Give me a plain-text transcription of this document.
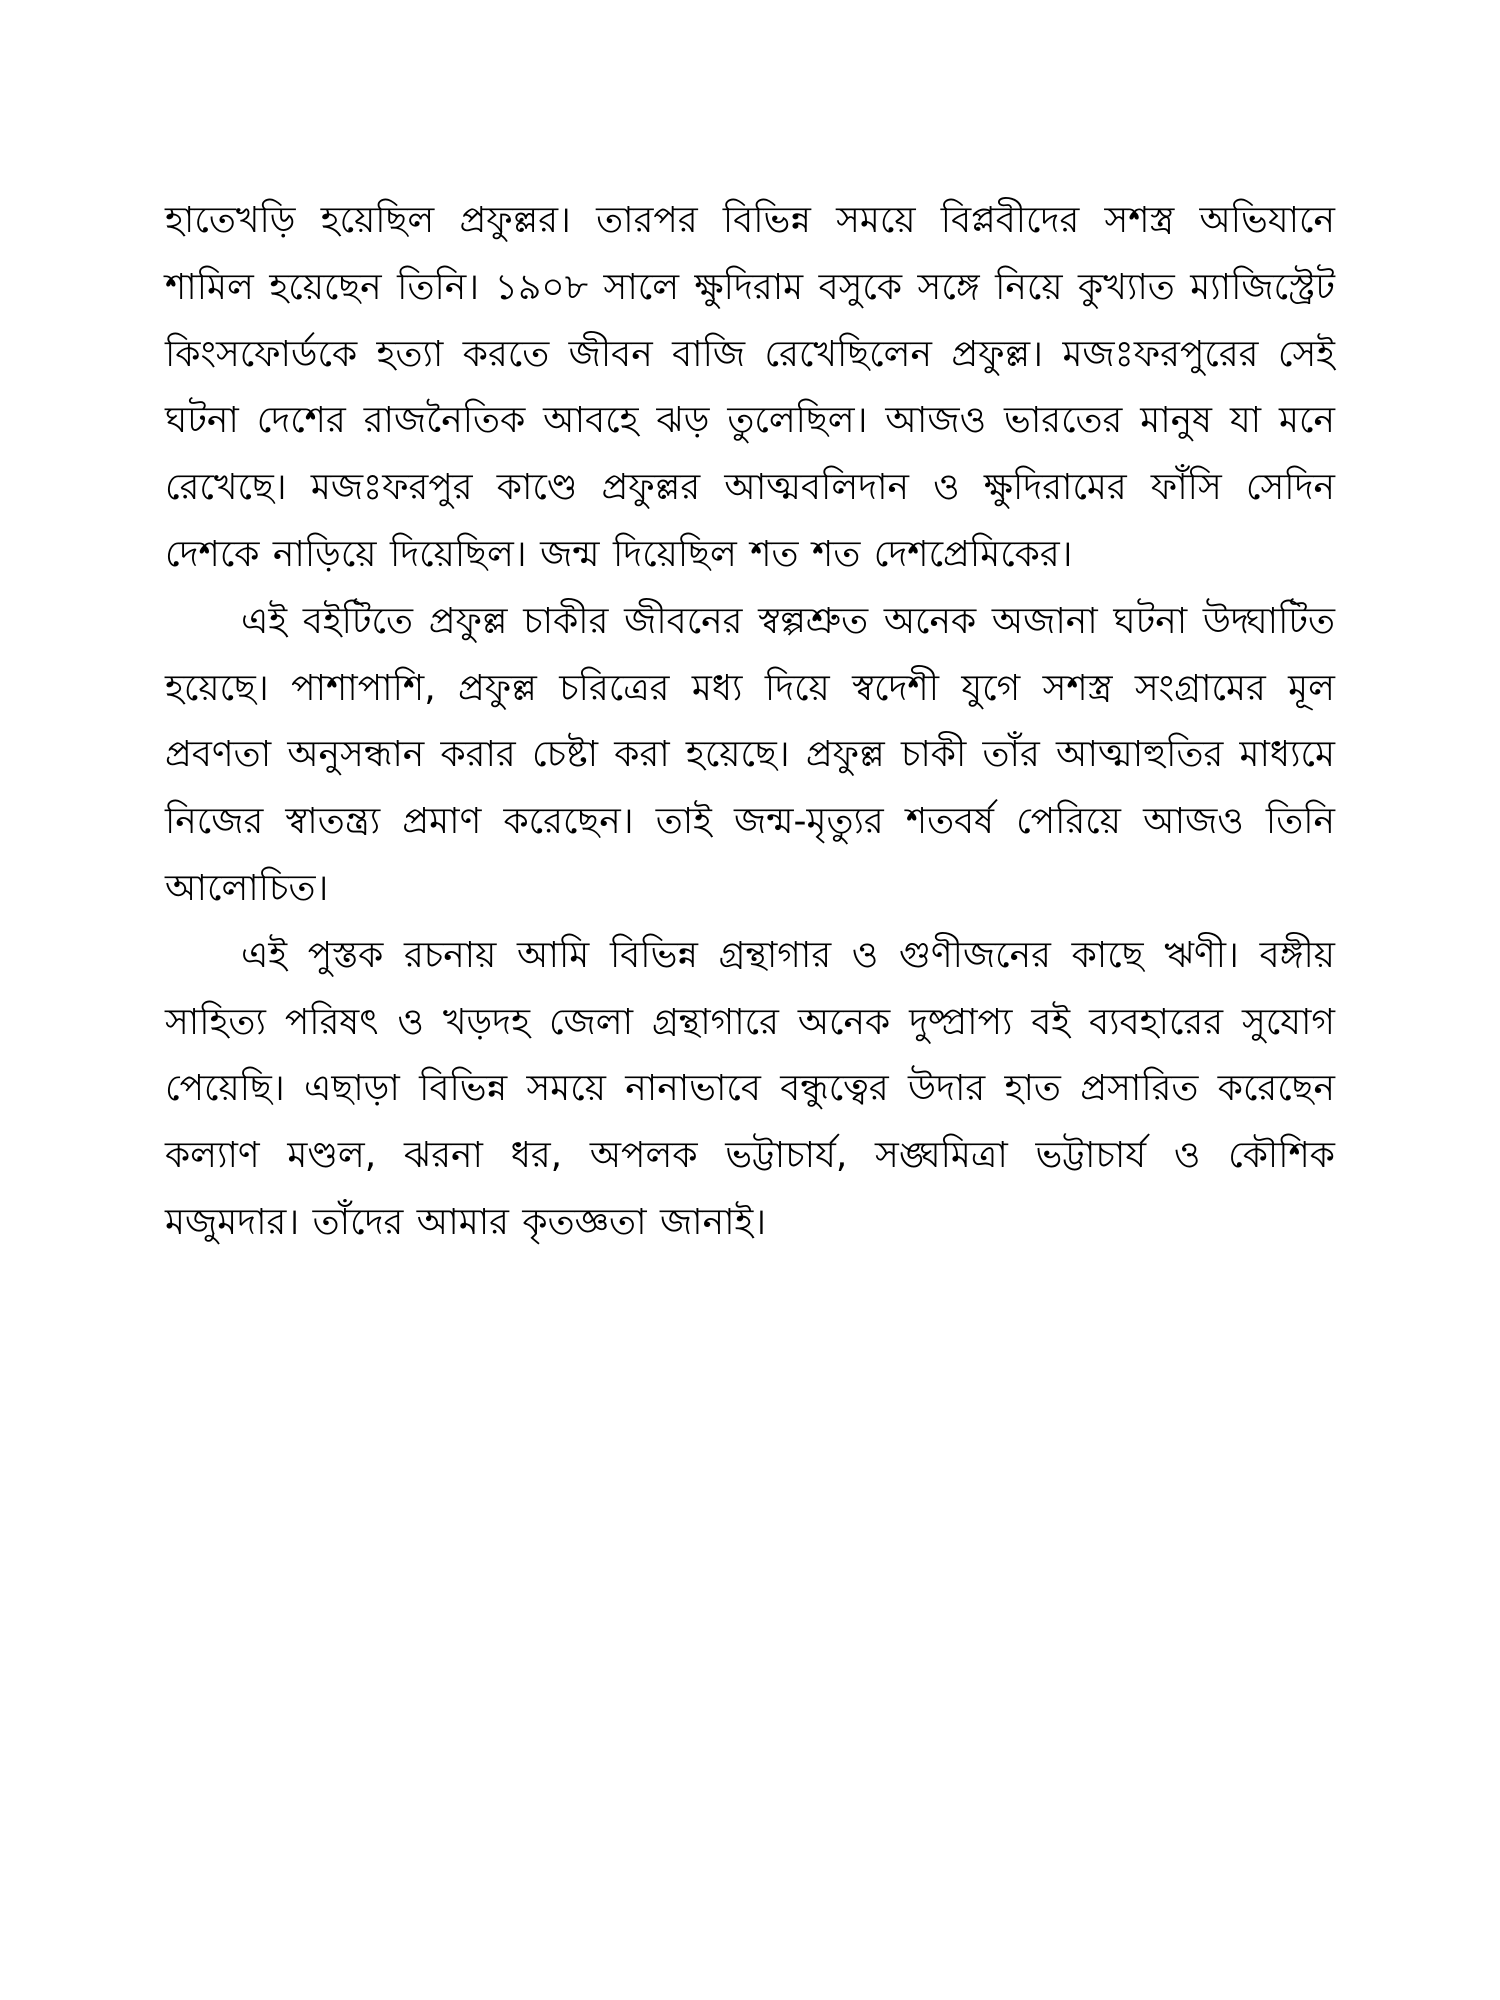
হাতেখড়ি হয়েছিল প্রফুল্লর। তারপর বিভিন্ন সময়ে বিপ্লবীদের সশস্ত্র অভিযানে শামিল হয়েছেন তিনি। ১৯০৮ সালে ক্ষুদিরাম বসুকে সঙ্গে নিয়ে কুখ্যাত ম্যাজিস্ট্রেট কিংসফোর্ডকে হত্যা করতে জীবন বাজি রেখেছিলেন প্রফুল্ল। মজঃফরপুরের সেই ঘটনা দেশের রাজনৈতিক আবহে ঝড় তুলেছিল। আজও ভারতের মানুষ যা মনে রেখেছে। মজঃফরপুর কাণ্ডে প্রফুল্লর আত্মবলিদান ও ক্ষুদিরামের ফাঁসি সেদিন দেশকে নাড়িয়ে দিয়েছিল। জন্ম দিয়েছিল শত শত দেশপ্রেমিকের।

এই বইটিতে প্রফুল্ল চাকীর জীবনের স্বল্পশ্রুত অনেক অজানা ঘটনা উদ্ঘাটিত হয়েছে। পাশাপাশি, প্রফুল্ল চরিত্রের মধ্য দিয়ে স্বদেশী যুগে সশস্ত্র সংগ্রামের মূল প্রবণতা অনুসন্ধান করার চেষ্টা করা হয়েছে। প্রফুল্ল চাকী তাঁর আত্মাহুতির মাধ্যমে নিজের স্বাতন্ত্র্য প্রমাণ করেছেন। তাই জন্ম-মৃত্যুর শতবর্ষ পেরিয়ে আজও তিনি আলোচিত।

এই পুস্তক রচনায় আমি বিভিন্ন গ্রন্থাগার ও গুণীজনের কাছে ঋণী। বঙ্গীয় সাহিত্য পরিষৎ ও খড়দহ জেলা গ্রন্থাগারে অনেক দুষ্প্রাপ্য বই ব্যবহারের সুযোগ পেয়েছি। এছাড়া বিভিন্ন সময়ে নানাভাবে বন্ধুত্বের উদার হাত প্রসারিত করেছেন কল্যাণ মণ্ডল, ঝরনা ধর, অপলক ভট্টাচার্য, সঙ্ঘমিত্রা ভট্টাচার্য ও কৌশিক মজুমদার। তাঁদের আমার কৃতজ্ঞতা জানাই।
